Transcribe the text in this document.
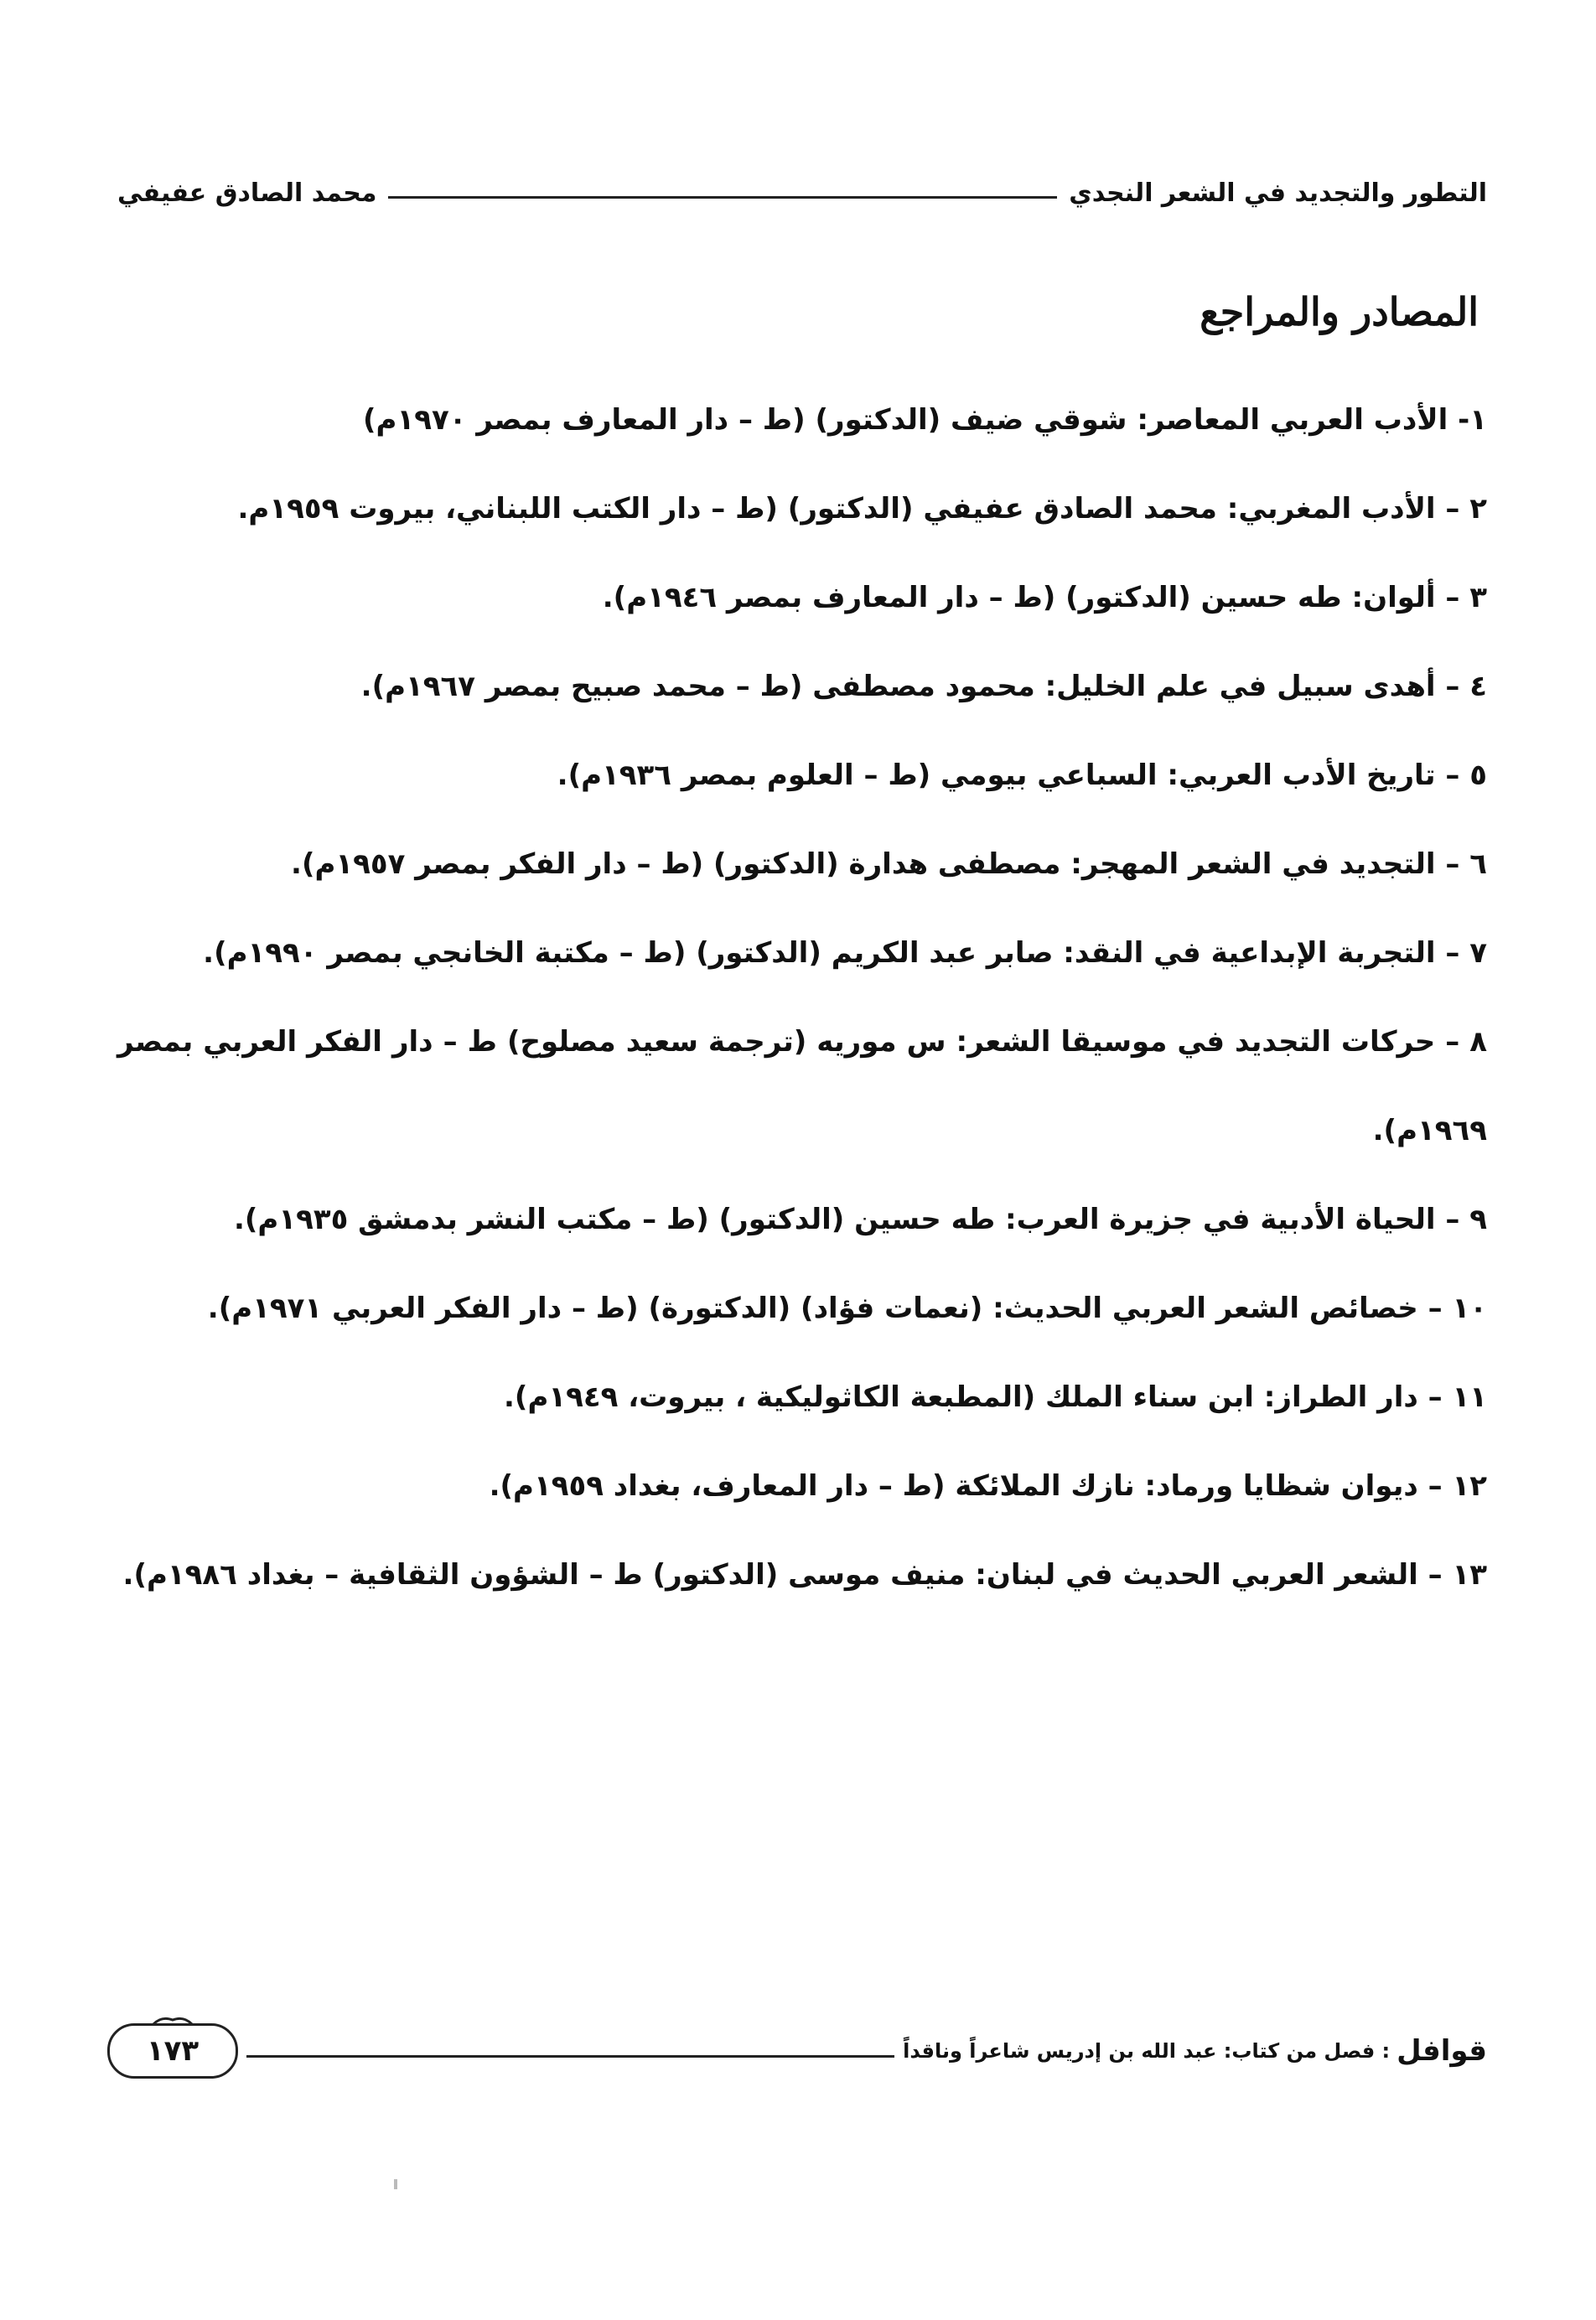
التطور والتجديد في الشعر النجدي
محمد الصادق عفيفي
المصادر والمراجع
١- الأدب العربي المعاصر: شوقي ضيف (الدكتور) (ط – دار المعارف بمصر ١٩٧٠م)
٢ – الأدب المغربي: محمد الصادق عفيفي (الدكتور) (ط – دار الكتب اللبناني، بيروت ١٩٥٩م.
٣ – ألوان: طه حسين (الدكتور) (ط – دار المعارف بمصر ١٩٤٦م).
٤ – أهدى سبيل في علم الخليل: محمود مصطفى (ط – محمد صبيح بمصر ١٩٦٧م).
٥ – تاريخ الأدب العربي: السباعي بيومي (ط – العلوم بمصر ١٩٣٦م).
٦ – التجديد في الشعر المهجر: مصطفى هدارة (الدكتور) (ط – دار الفكر بمصر ١٩٥٧م).
٧ – التجربة الإبداعية في النقد: صابر عبد الكريم (الدكتور) (ط – مكتبة الخانجي بمصر ١٩٩٠م).
٨ – حركات التجديد في موسيقا الشعر: س موريه (ترجمة سعيد مصلوح) ط – دار الفكر العربي بمصر ١٩٦٩م).
٩ – الحياة الأدبية في جزيرة العرب: طه حسين (الدكتور) (ط – مكتب النشر بدمشق ١٩٣٥م).
١٠ – خصائص الشعر العربي الحديث: (نعمات فؤاد) (الدكتورة) (ط – دار الفكر العربي ١٩٧١م).
١١ – دار الطراز: ابن سناء الملك (المطبعة الكاثوليكية ، بيروت، ١٩٤٩م).
١٢ – ديوان شظايا ورماد: نازك الملائكة (ط – دار المعارف، بغداد ١٩٥٩م).
١٣ – الشعر العربي الحديث في لبنان: منيف موسى (الدكتور) ط – الشؤون الثقافية – بغداد ١٩٨٦م).
قوافل
: فصل من كتاب: عبد الله بن إدريس شاعراً وناقداً
١٧٣
